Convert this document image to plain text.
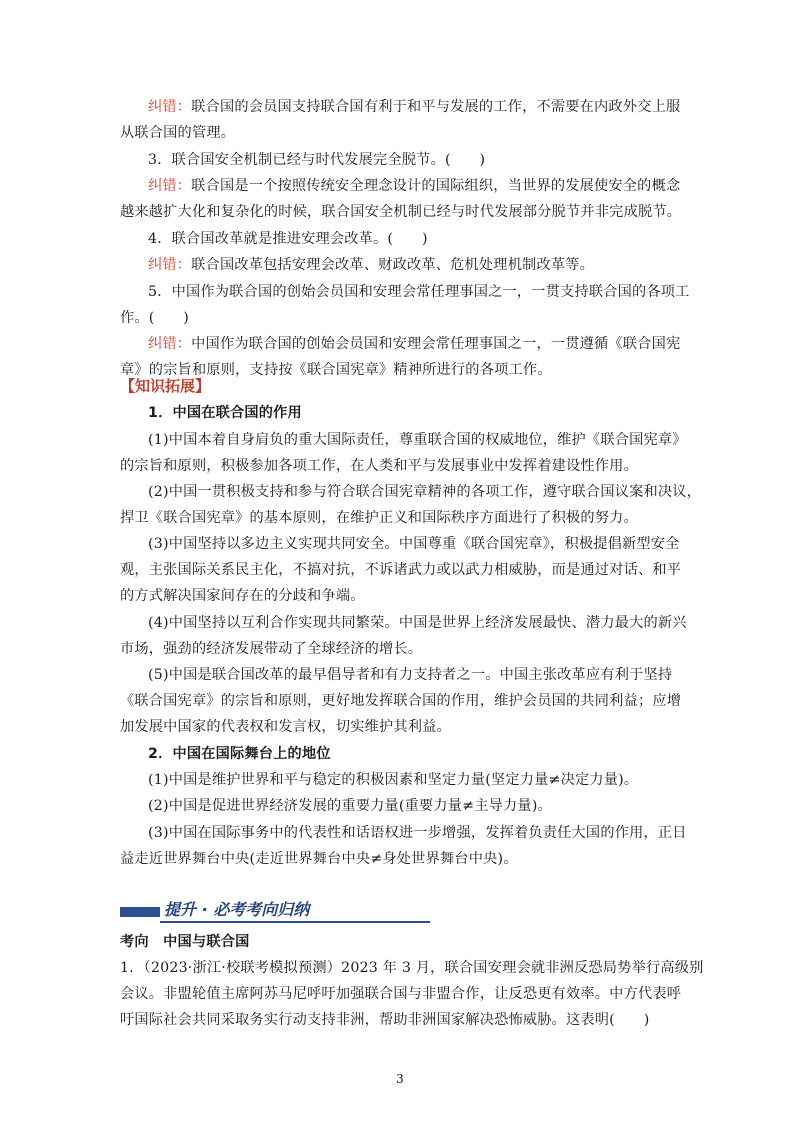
纠错：联合国的会员国支持联合国有利于和平与发展的工作，不需要在内政外交上服
从联合国的管理。
3．联合国安全机制已经与时代发展完全脱节。(　　)
纠错：联合国是一个按照传统安全理念设计的国际组织，当世界的发展使安全的概念
越来越扩大化和复杂化的时候，联合国安全机制已经与时代发展部分脱节并非完成脱节。
4．联合国改革就是推进安理会改革。(　　)
纠错：联合国改革包括安理会改革、财政改革、危机处理机制改革等。
5．中国作为联合国的创始会员国和安理会常任理事国之一，一贯支持联合国的各项工
作。(　　)
纠错：中国作为联合国的创始会员国和安理会常任理事国之一，一贯遵循《联合国宪
章》的宗旨和原则，支持按《联合国宪章》精神所进行的各项工作。
【知识拓展】
1．中国在联合国的作用
(1)中国本着自身肩负的重大国际责任，尊重联合国的权威地位，维护《联合国宪章》
的宗旨和原则，积极参加各项工作，在人类和平与发展事业中发挥着建设性作用。
(2)中国一贯积极支持和参与符合联合国宪章精神的各项工作，遵守联合国议案和决议，
捍卫《联合国宪章》的基本原则，在维护正义和国际秩序方面进行了积极的努力。
(3)中国坚持以多边主义实现共同安全。中国尊重《联合国宪章》，积极提倡新型安全
观，主张国际关系民主化，不搞对抗，不诉诸武力或以武力相威胁，而是通过对话、和平
的方式解决国家间存在的分歧和争端。
(4)中国坚持以互利合作实现共同繁荣。中国是世界上经济发展最快、潜力最大的新兴
市场，强劲的经济发展带动了全球经济的增长。
(5)中国是联合国改革的最早倡导者和有力支持者之一。中国主张改革应有利于坚持
《联合国宪章》的宗旨和原则，更好地发挥联合国的作用，维护会员国的共同利益；应增
加发展中国家的代表权和发言权，切实维护其利益。
2．中国在国际舞台上的地位
(1)中国是维护世界和平与稳定的积极因素和坚定力量(坚定力量≠决定力量)。
(2)中国是促进世界经济发展的重要力量(重要力量≠主导力量)。
(3)中国在国际事务中的代表性和话语权进一步增强，发挥着负责任大国的作用，正日
益走近世界舞台中央(走近世界舞台中央≠身处世界舞台中央)。
提升 · 必考考向归纳
考向　中国与联合国
1．（2023·浙江·校联考模拟预测）2023 年 3 月，联合国安理会就非洲反恐局势举行高级别
会议。非盟轮值主席阿苏马尼呼吁加强联合国与非盟合作，让反恐更有效率。中方代表呼
吁国际社会共同采取务实行动支持非洲，帮助非洲国家解决恐怖威胁。这表明(　　)
3
